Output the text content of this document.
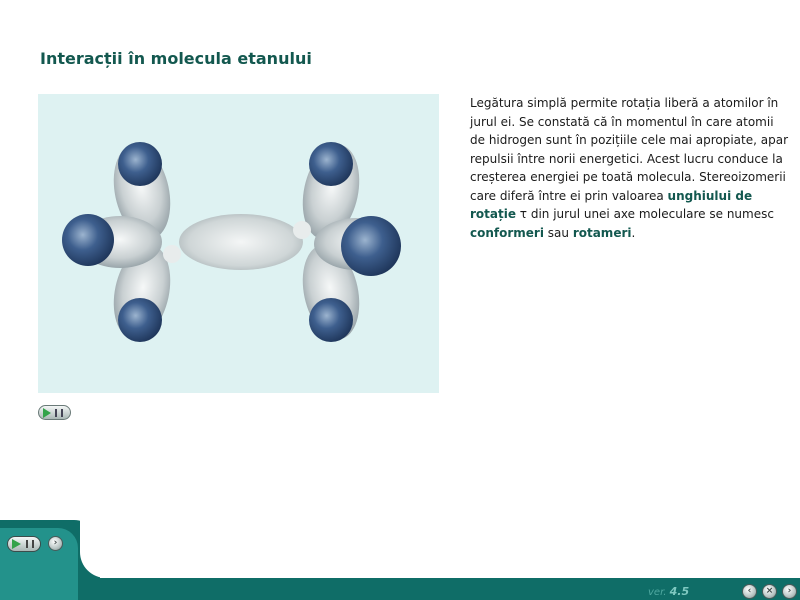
Interacții în molecula etanului

Legătura simplă permite rotația liberă a atomilor în jurul ei. Se constată că în momentul în care atomii de hidrogen sunt în pozițiile cele mai apropiate, apar repulsii între norii energetici. Acest lucru conduce la creșterea energiei pe toată molecula. Stereoizomerii care diferă între ei prin valoarea unghiului de rotație τ din jurul unei axe moleculare se numesc conformeri sau rotameri.

›
ver. 4.5	‹	×	›
